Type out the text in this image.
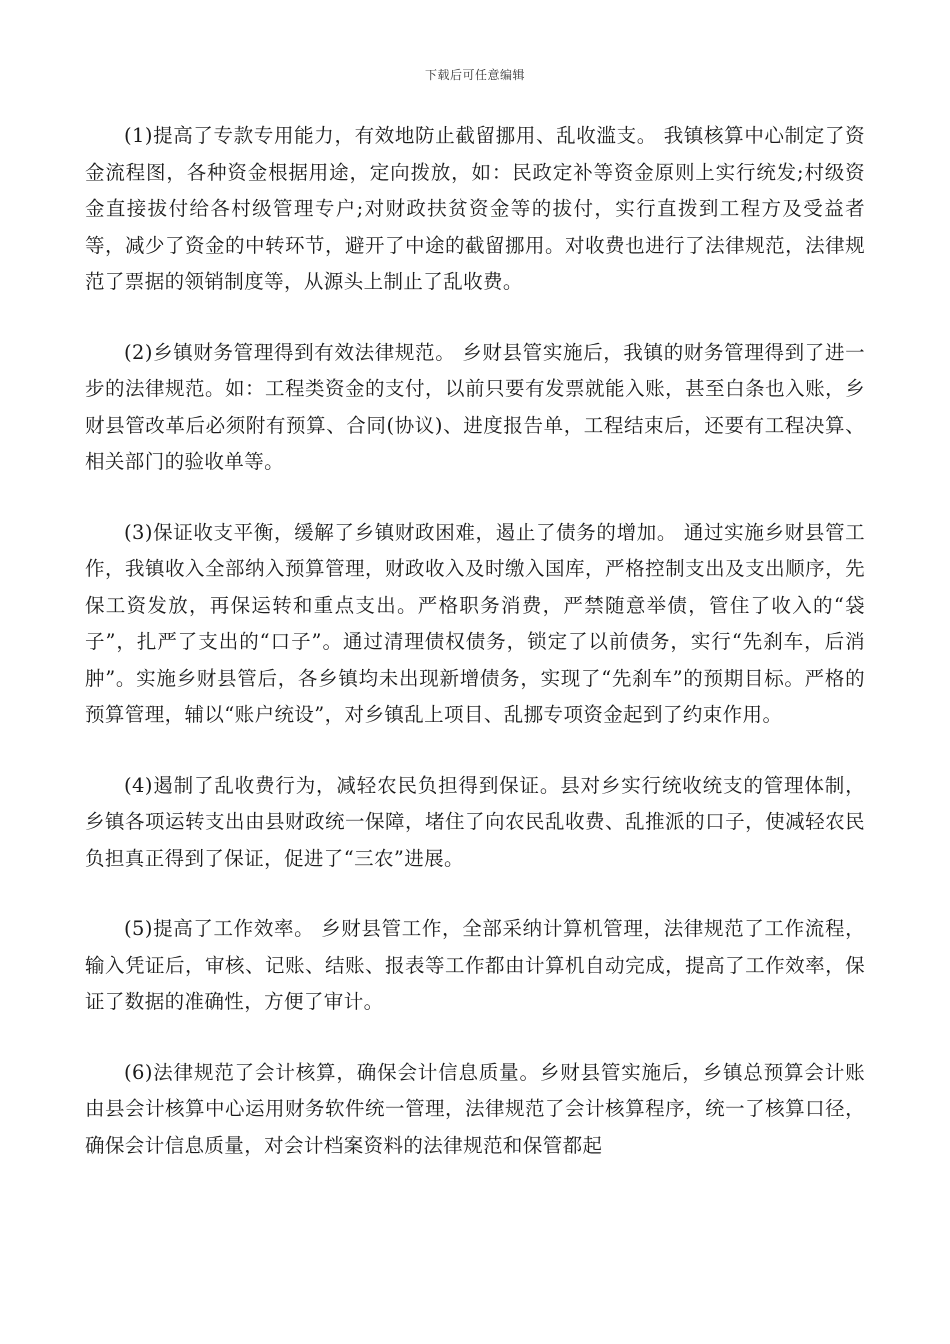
下载后可任意编辑

(1)提高了专款专用能力，有效地防止截留挪用、乱收滥支。 我镇核算中心制定了资金流程图，各种资金根据用途，定向拨放，如：民政定补等资金原则上实行统发;村级资金直接拔付给各村级管理专户;对财政扶贫资金等的拔付，实行直拨到工程方及受益者等，减少了资金的中转环节，避开了中途的截留挪用。对收费也进行了法律规范，法律规范了票据的领销制度等，从源头上制止了乱收费。

(2)乡镇财务管理得到有效法律规范。 乡财县管实施后，我镇的财务管理得到了进一步的法律规范。如：工程类资金的支付，以前只要有发票就能入账，甚至白条也入账，乡财县管改革后必须附有预算、合同(协议)、进度报告单，工程结束后，还要有工程决算、相关部门的验收单等。

(3)保证收支平衡，缓解了乡镇财政困难，遏止了债务的增加。 通过实施乡财县管工作，我镇收入全部纳入预算管理，财政收入及时缴入国库，严格控制支出及支出顺序，先保工资发放，再保运转和重点支出。严格职务消费，严禁随意举债，管住了收入的“袋子”，扎严了支出的“口子”。通过清理债权债务，锁定了以前债务，实行“先刹车，后消肿”。实施乡财县管后，各乡镇均未出现新增债务，实现了“先刹车”的预期目标。严格的预算管理，辅以“账户统设”，对乡镇乱上项目、乱挪专项资金起到了约束作用。

(4)遏制了乱收费行为，减轻农民负担得到保证。县对乡实行统收统支的管理体制，乡镇各项运转支出由县财政统一保障，堵住了向农民乱收费、乱推派的口子，使减轻农民负担真正得到了保证，促进了“三农”进展。

(5)提高了工作效率。 乡财县管工作，全部采纳计算机管理，法律规范了工作流程，输入凭证后，审核、记账、结账、报表等工作都由计算机自动完成，提高了工作效率，保证了数据的准确性，方便了审计。

(6)法律规范了会计核算，确保会计信息质量。乡财县管实施后，乡镇总预算会计账由县会计核算中心运用财务软件统一管理，法律规范了会计核算程序，统一了核算口径，确保会计信息质量，对会计档案资料的法律规范和保管都起
